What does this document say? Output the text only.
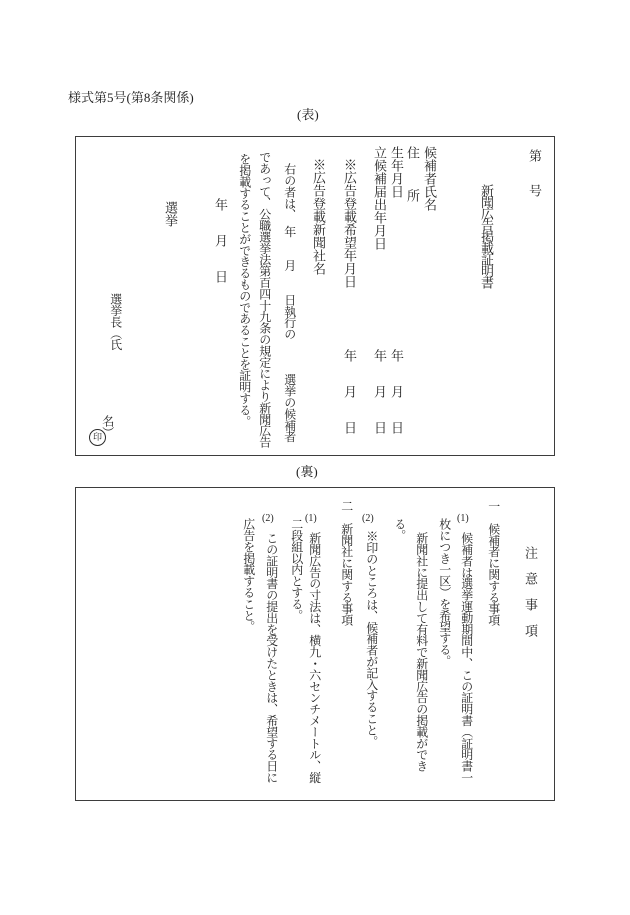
様式第5号(第8条関係)
(表)
第
号
新聞広告掲載証明書
候補者氏名
住
所
生年月日
立候補届出年月日
※広告登載希望年月日
※広告登載新聞社名
年　　月　　日
年　　月　　日
年　　月　　日
右の者は、　年　　月　　日執行の　　　選挙の候補者
であって、公職選挙法第百四十九条の規定により新聞広告
を掲載することができるものであることを証明する。
年　　月　　日
選挙
選挙長（氏
名）
印
(裏)
注　意　事　項
一　候補者に関する事項
(1)
候補者は選挙運動期間中、この証明書（証明書一
枚につき一区）を希望する。
新聞社に提出して有料で新聞広告の掲載ができ
る。
(2)
※印のところは、候補者が記入すること。
二　新聞社に関する事項
(1)
新聞広告の寸法は、横九・六センチメートル、縦
二段組以内とする。
(2)
この証明書の提出を受けたときは、希望する日に
広告を掲載すること。
